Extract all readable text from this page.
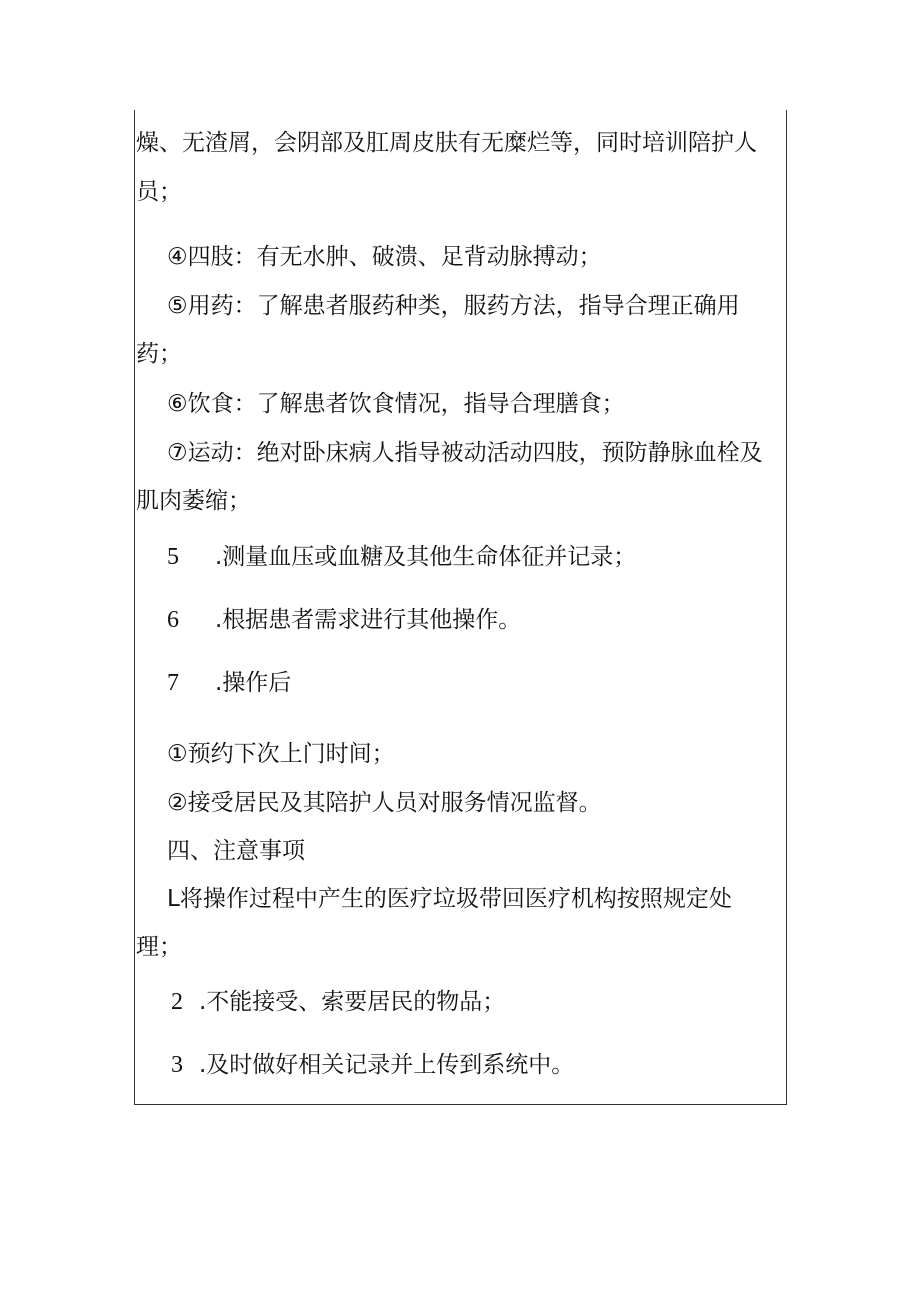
燥、无渣屑，会阴部及肛周皮肤有无糜烂等，同时培训陪护人
员；
④四肢：有无水肿、破溃、足背动脉搏动；
⑤用药：了解患者服药种类，服药方法，指导合理正确用
药；
⑥饮食：了解患者饮食情况，指导合理膳食；
⑦运动：绝对卧床病人指导被动活动四肢，预防静脉血栓及
肌肉萎缩；
5 .测量血压或血糖及其他生命体征并记录；
6 .根据患者需求进行其他操作。
7 .操作后
①预约下次上门时间；
②接受居民及其陪护人员对服务情况监督。
四、注意事项
L将操作过程中产生的医疗垃圾带回医疗机构按照规定处
理；
2 .不能接受、索要居民的物品；
3 .及时做好相关记录并上传到系统中。
